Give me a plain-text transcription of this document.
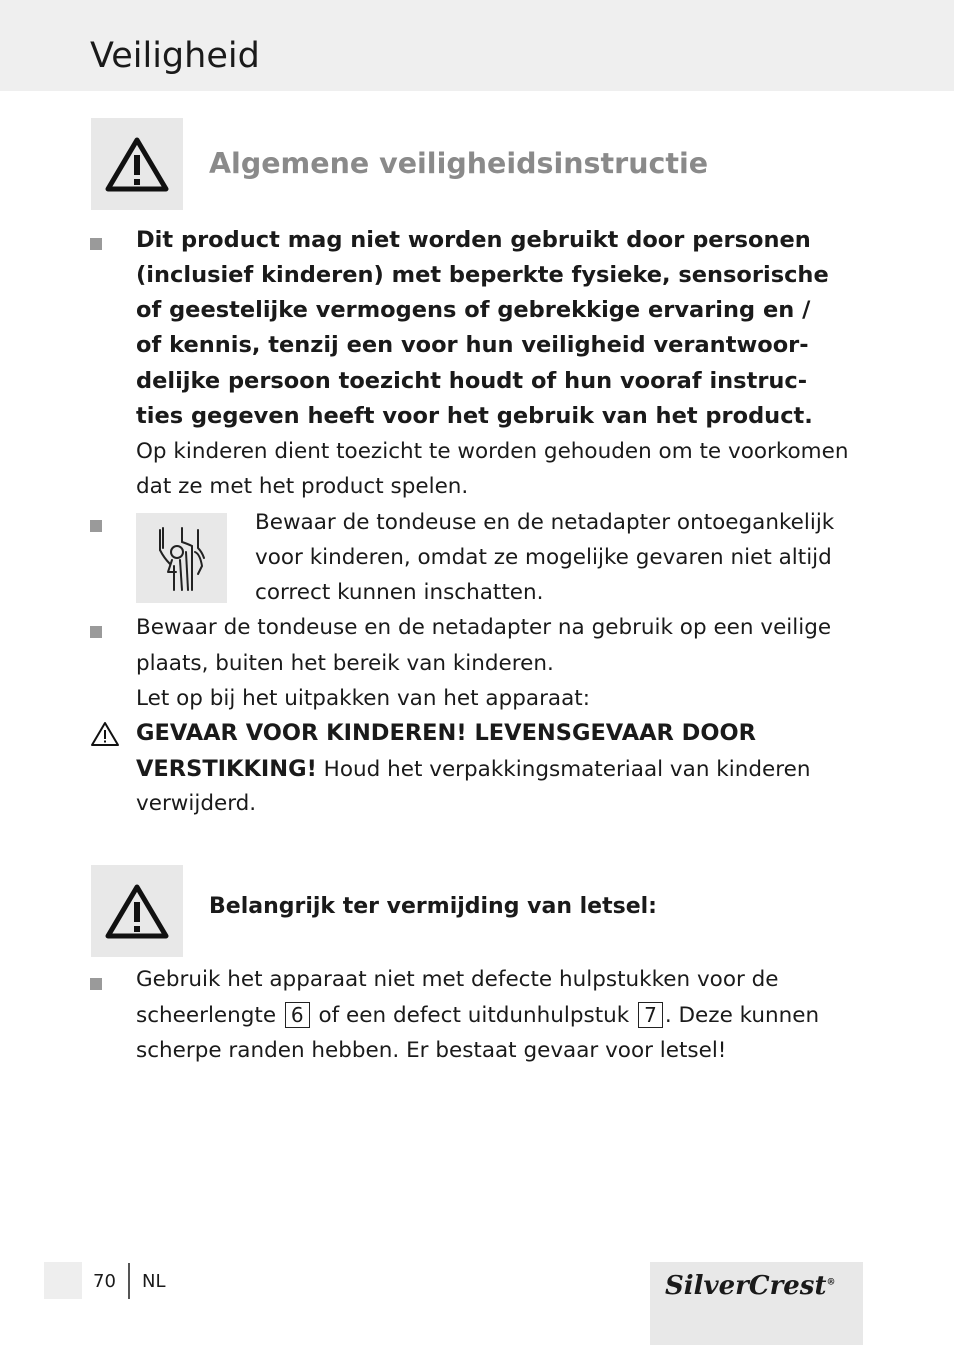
Veiligheid
Algemene veiligheidsinstructie
Dit product mag niet worden gebruikt door personen
(inclusief kinderen) met beperkte fysieke, sensorische
of geestelijke vermogens of gebrekkige ervaring en /
of kennis, tenzij een voor hun veiligheid verantwoor-
delijke persoon toezicht houdt of hun vooraf instruc-
ties gegeven heeft voor het gebruik van het product.
Op kinderen dient toezicht te worden gehouden om te voorkomen
dat ze met het product spelen.
Bewaar de tondeuse en de netadapter ontoegankelijk
voor kinderen, omdat ze mogelijke gevaren niet altijd
correct kunnen inschatten.
Bewaar de tondeuse en de netadapter na gebruik op een veilige
plaats, buiten het bereik van kinderen.
Let op bij het uitpakken van het apparaat:
GEVAAR VOOR KINDEREN! LEVENSGEVAAR DOOR
VERSTIKKING! Houd het verpakkingsmateriaal van kinderen
verwijderd.
Belangrijk ter vermijding van letsel:
Gebruik het apparaat niet met defecte hulpstukken voor de
scheerlengte 6 of een defect uitdunhulpstuk 7 . Deze kunnen
scherpe randen hebben. Er bestaat gevaar voor letsel!
70 NL	SilverCrest®
